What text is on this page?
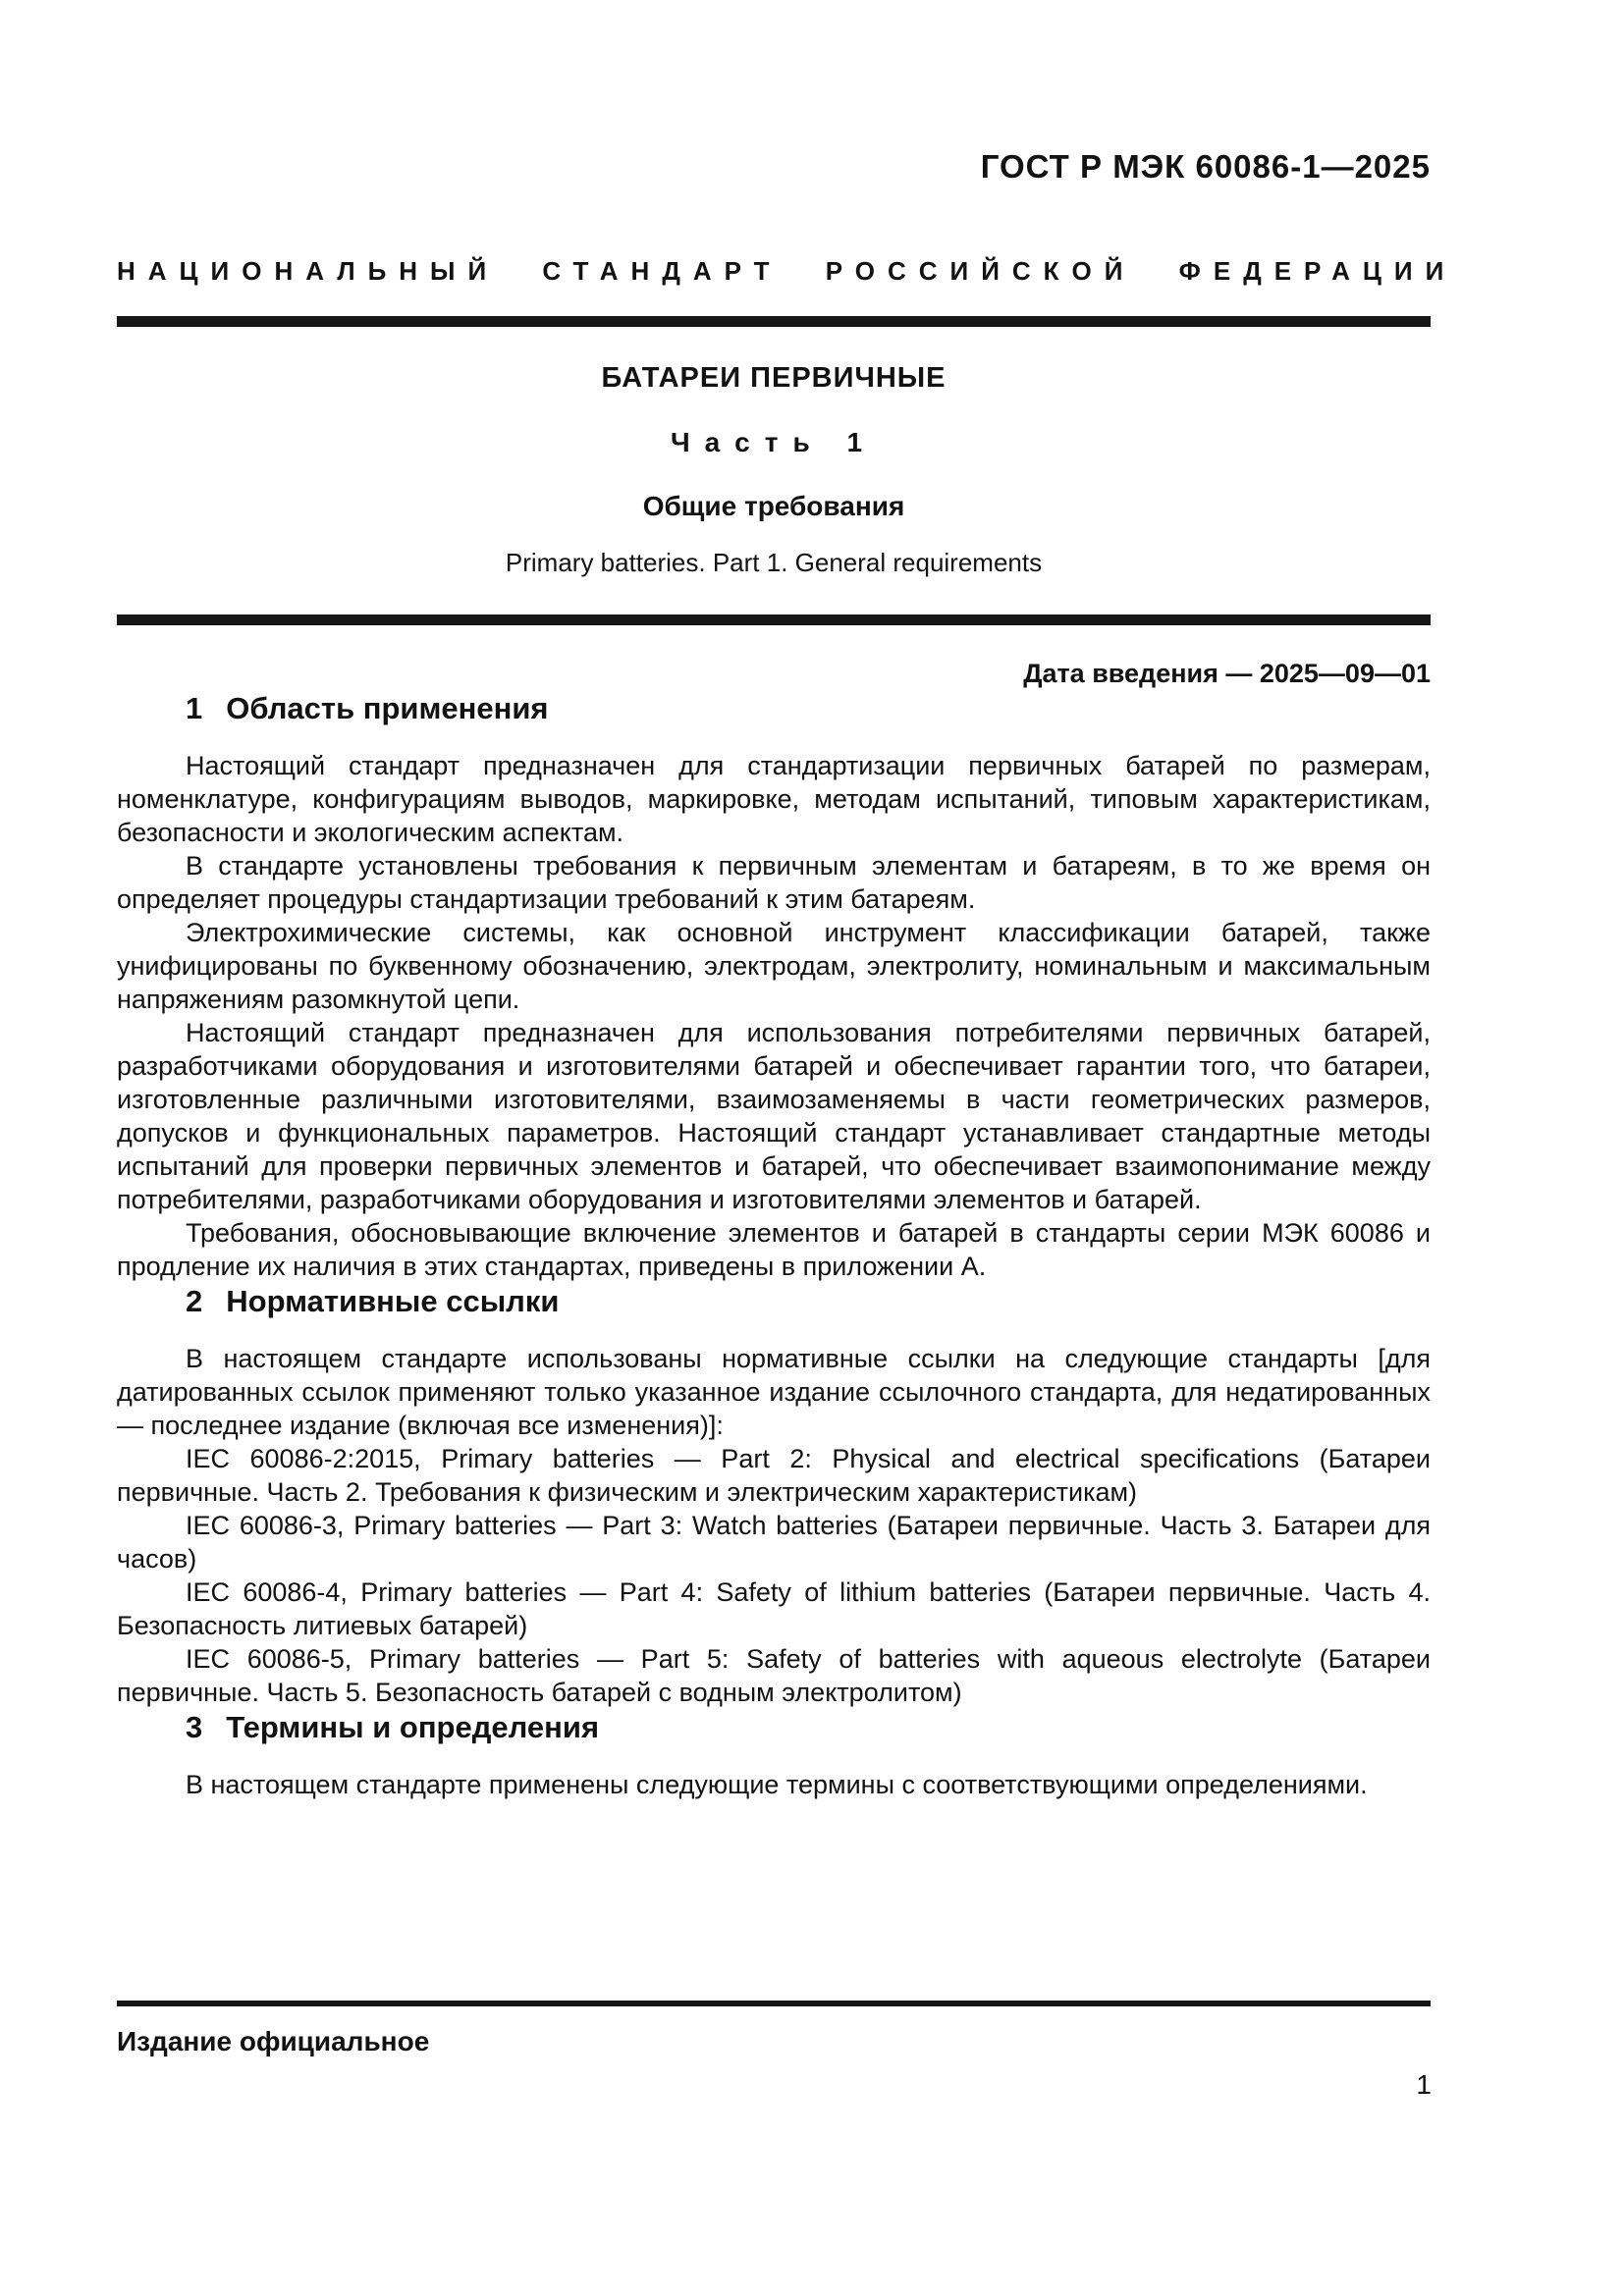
ГОСТ Р МЭК 60086-1—2025
НАЦИОНАЛЬНЫЙ СТАНДАРТ РОССИЙСКОЙ ФЕДЕРАЦИИ
БАТАРЕИ ПЕРВИЧНЫЕ
Часть 1
Общие требования
Primary batteries. Part 1. General requirements
Дата введения — 2025—09—01
1 Область применения

Настоящий стандарт предназначен для стандартизации первичных батарей по размерам, номенклатуре, конфигурациям выводов, маркировке, методам испытаний, типовым характеристикам, безопасности и экологическим аспектам.

В стандарте установлены требования к первичным элементам и батареям, в то же время он определяет процедуры стандартизации требований к этим батареям.

Электрохимические системы, как основной инструмент классификации батарей, также унифицированы по буквенному обозначению, электродам, электролиту, номинальным и максимальным напряжениям разомкнутой цепи.

Настоящий стандарт предназначен для использования потребителями первичных батарей, разработчиками оборудования и изготовителями батарей и обеспечивает гарантии того, что батареи, изготовленные различными изготовителями, взаимозаменяемы в части геометрических размеров, допусков и функциональных параметров. Настоящий стандарт устанавливает стандартные методы испытаний для проверки первичных элементов и батарей, что обеспечивает взаимопонимание между потребителями, разработчиками оборудования и изготовителями элементов и батарей.

Требования, обосновывающие включение элементов и батарей в стандарты серии МЭК 60086 и продление их наличия в этих стандартах, приведены в приложении А.

2 Нормативные ссылки

В настоящем стандарте использованы нормативные ссылки на следующие стандарты [для датированных ссылок применяют только указанное издание ссылочного стандарта, для недатированных — последнее издание (включая все изменения)]:

IEC 60086-2:2015, Primary batteries — Part 2: Physical and electrical specifications (Батареи первичные. Часть 2. Требования к физическим и электрическим характеристикам)

IEC 60086-3, Primary batteries — Part 3: Watch batteries (Батареи первичные. Часть 3. Батареи для часов)

IEC 60086-4, Primary batteries — Part 4: Safety of lithium batteries (Батареи первичные. Часть 4. Безопасность литиевых батарей)

IEC 60086-5, Primary batteries — Part 5: Safety of batteries with aqueous electrolyte (Батареи первичные. Часть 5. Безопасность батарей с водным электролитом)

3 Термины и определения

В настоящем стандарте применены следующие термины с соответствующими определениями.

Издание официальное
1
